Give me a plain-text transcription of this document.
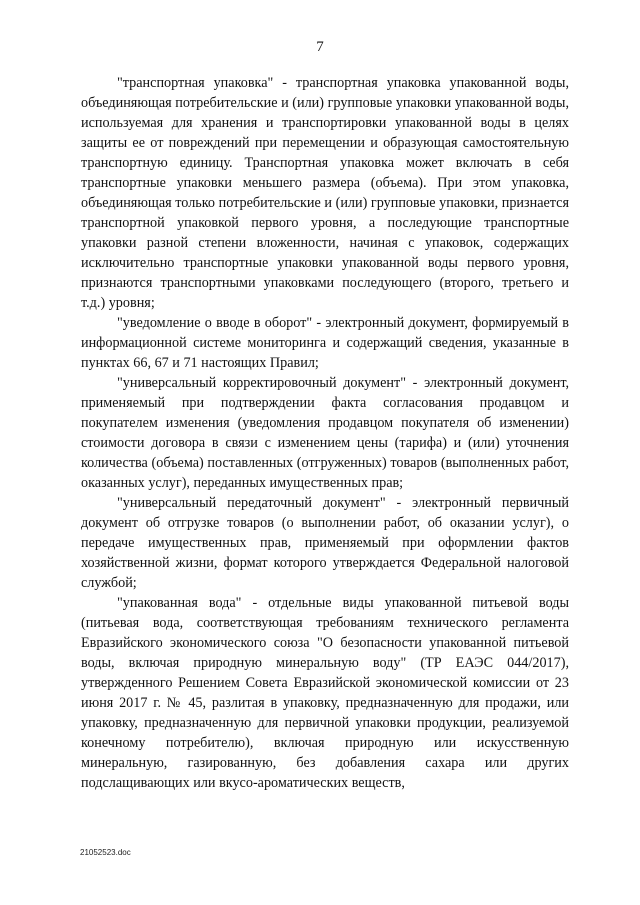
7

"транспортная упаковка" - транспортная упаковка упакованной воды, объединяющая потребительские и (или) групповые упаковки упакованной воды, используемая для хранения и транспортировки упакованной воды в целях защиты ее от повреждений при перемещении и образующая самостоятельную транспортную единицу. Транспортная упаковка может включать в себя транспортные упаковки меньшего размера (объема). При этом упаковка, объединяющая только потребительские и (или) групповые упаковки, признается транспортной упаковкой первого уровня, а последующие транспортные упаковки разной степени вложенности, начиная с упаковок, содержащих исключительно транспортные упаковки упакованной воды первого уровня, признаются транспортными упаковками последующего (второго, третьего и т.д.) уровня;

"уведомление о вводе в оборот" - электронный документ, формируемый в информационной системе мониторинга и содержащий сведения, указанные в пунктах 66, 67 и 71 настоящих Правил;

"универсальный корректировочный документ" - электронный документ, применяемый при подтверждении факта согласования продавцом и покупателем изменения (уведомления продавцом покупателя об изменении) стоимости договора в связи с изменением цены (тарифа) и (или) уточнения количества (объема) поставленных (отгруженных) товаров (выполненных работ, оказанных услуг), переданных имущественных прав;

"универсальный передаточный документ" - электронный первичный документ об отгрузке товаров (о выполнении работ, об оказании услуг), о передаче имущественных прав, применяемый при оформлении фактов хозяйственной жизни, формат которого утверждается Федеральной налоговой службой;

"упакованная вода" - отдельные виды упакованной питьевой воды (питьевая вода, соответствующая требованиям технического регламента Евразийского экономического союза "О безопасности упакованной питьевой воды, включая природную минеральную воду" (ТР ЕАЭС 044/2017), утвержденного Решением Совета Евразийской экономической комиссии от 23 июня 2017 г. № 45, разлитая в упаковку, предназначенную для продажи, или упаковку, предназначенную для первичной упаковки продукции, реализуемой конечному потребителю), включая природную или искусственную минеральную, газированную, без добавления сахара или других подслащивающих или вкусо-ароматических веществ,

21052523.doc
